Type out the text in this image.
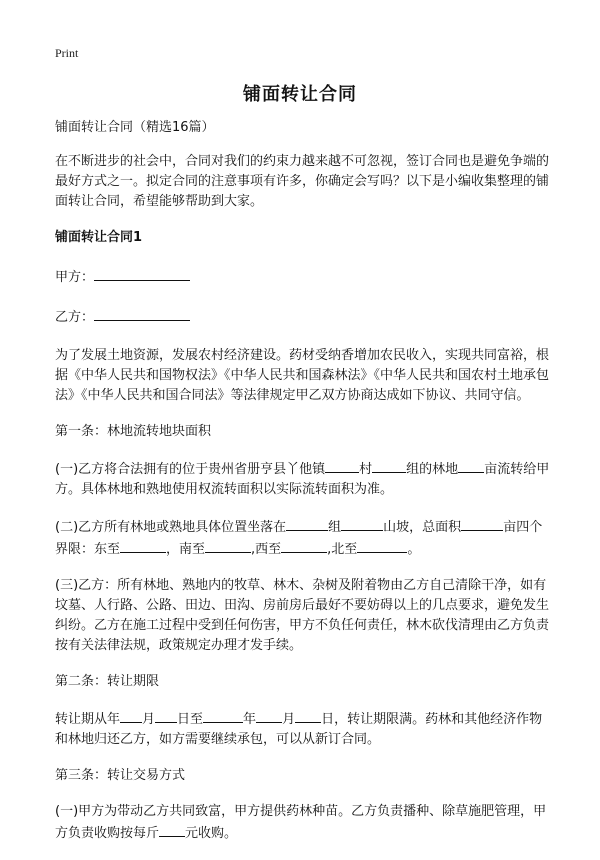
Print
铺面转让合同

铺面转让合同（精选16篇）

在不断进步的社会中，合同对我们的约束力越来越不可忽视，签订合同也是避免争端的最好方式之一。拟定合同的注意事项有许多，你确定会写吗？以下是小编收集整理的铺面转让合同，希望能够帮助到大家。

铺面转让合同1

甲方：

乙方：

为了发展土地资源，发展农村经济建设。药材受纳香增加农民收入，实现共同富裕，根据《中华人民共和国物权法》《中华人民共和国森林法》《中华人民共和国农村土地承包法》《中华人民共和国合同法》等法律规定甲乙双方协商达成如下协议、共同守信。

第一条：林地流转地块面积

(一)乙方将合法拥有的位于贵州省册亨县丫他镇	村	组的林地 亩流转给甲方。具体林地和熟地使用权流转面积以实际流转面积为准。

(二)乙方所有林地或熟地具体位置坐落在	组	山坡，总面积	亩四个界限：东至	，南至	,西至	,北至	。

(三)乙方：所有林地、熟地内的牧草、林木、杂树及附着物由乙方自己清除干净，如有坟墓、人行路、公路、田边、田沟、房前房后最好不要妨碍以上的几点要求，避免发生纠纷。乙方在施工过程中受到任何伤害，甲方不负任何责任，林木砍伐清理由乙方负责按有关法律法规，政策规定办理才发手续。

第二条：转让期限

转让期从年 月 日至	年 月 日，转让期限满。药林和其他经济作物和林地归还乙方，如方需要继续承包，可以从新订合同。

第三条：转让交易方式

(一)甲方为带动乙方共同致富，甲方提供药林种苗。乙方负责播种、除草施肥管理，甲方负责收购按每斤 元收购。
